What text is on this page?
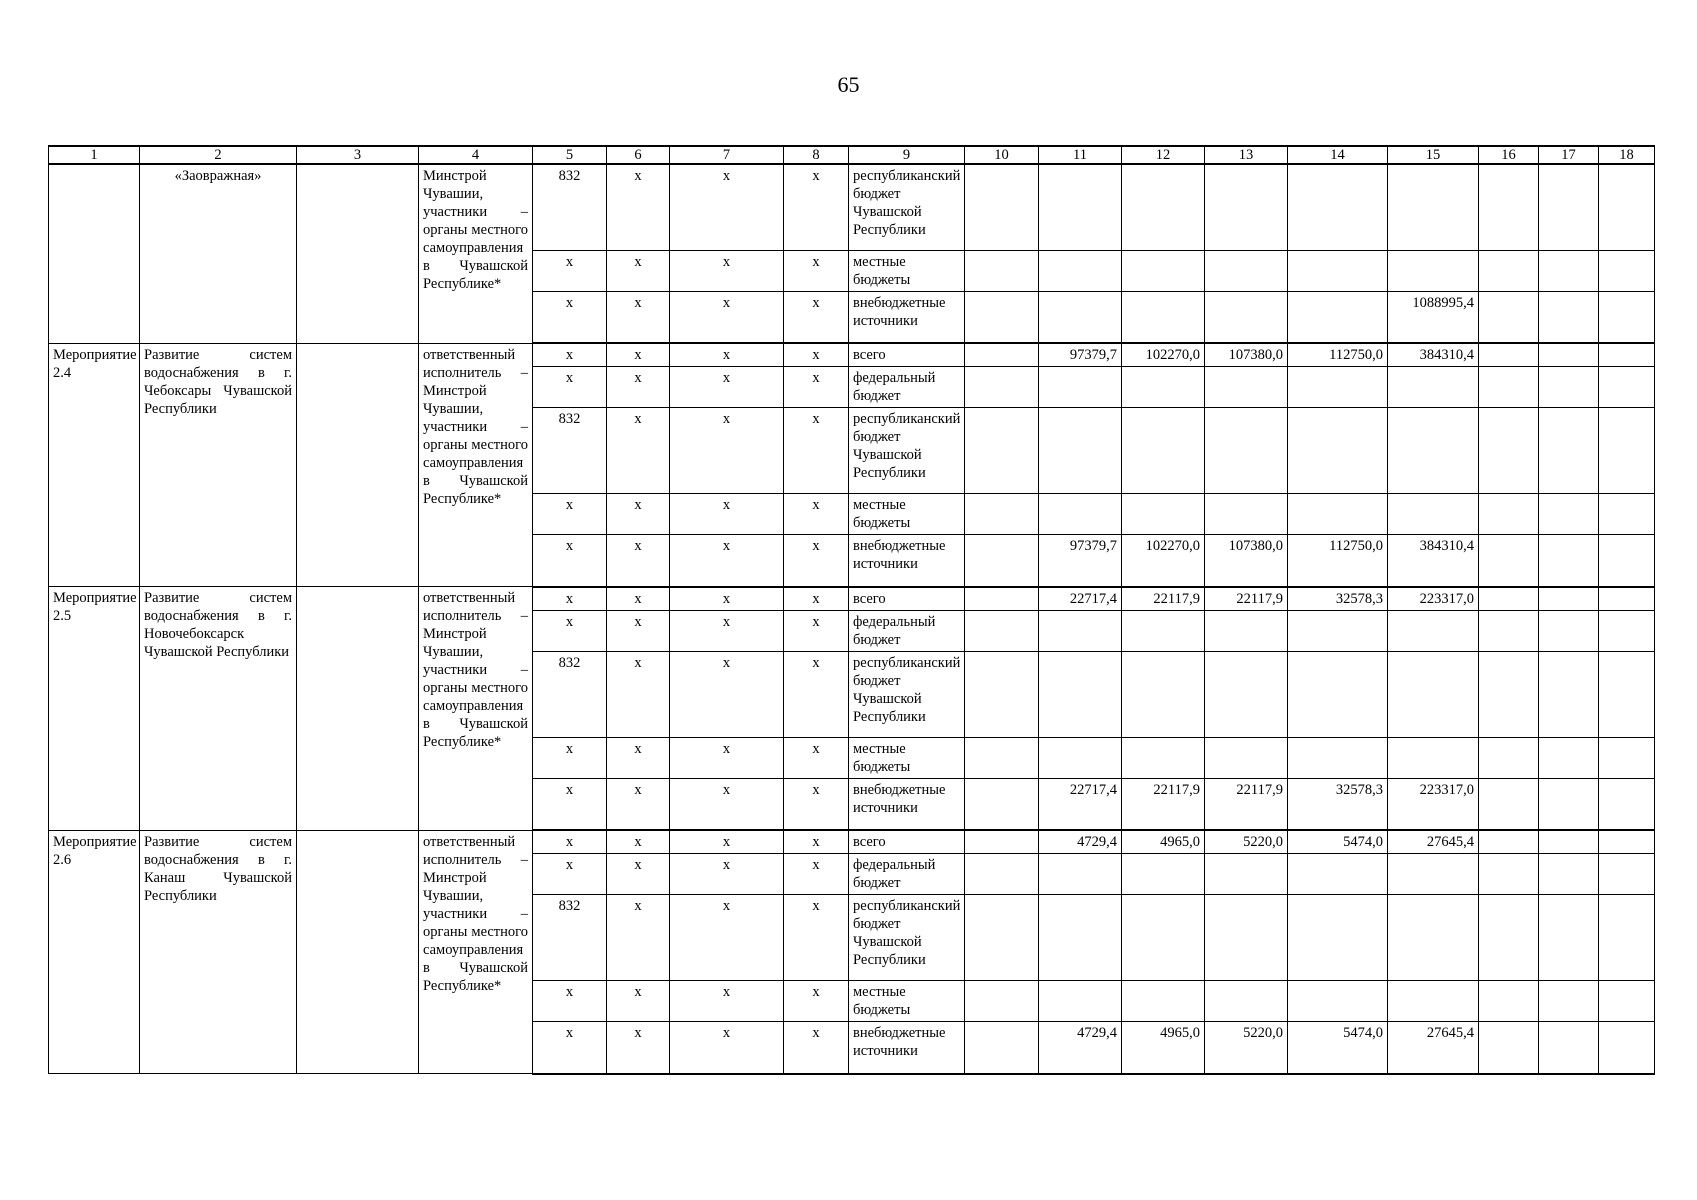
65
1	2	3	4	5	6	7	8	9	10	11	12	13	14	15	16	17	18
	«Заовражная»		Минстрой Чувашии, участники – органы местного самоуправления в Чувашской Республике*	832	х	х	х	республиканский бюджет Чувашской Республики									
				х	х	х	х	местные бюджеты									
				х	х	х	х	внебюджетные источники						1088995,4			
Мероприятие 2.4	Развитие систем водоснабжения в г. Чебоксары Чувашской Республики		ответственный исполнитель – Минстрой Чувашии, участники – органы местного самоуправления в Чувашской Республике*	х	х	х	х	всего		97379,7	102270,0	107380,0	112750,0	384310,4			
				х	х	х	х	федеральный бюджет									
				832	х	х	х	республиканский бюджет Чувашской Республики									
				х	х	х	х	местные бюджеты									
				х	х	х	х	внебюджетные источники		97379,7	102270,0	107380,0	112750,0	384310,4			
Мероприятие 2.5	Развитие систем водоснабжения в г. Новочебоксарск Чувашской Республики		ответственный исполнитель – Минстрой Чувашии, участники – органы местного самоуправления в Чувашской Республике*	х	х	х	х	всего		22717,4	22117,9	22117,9	32578,3	223317,0			
				х	х	х	х	федеральный бюджет									
				832	х	х	х	республиканский бюджет Чувашской Республики									
				х	х	х	х	местные бюджеты									
				х	х	х	х	внебюджетные источники		22717,4	22117,9	22117,9	32578,3	223317,0			
Мероприятие 2.6	Развитие систем водоснабжения в г. Канаш Чувашской Республики		ответственный исполнитель – Минстрой Чувашии, участники – органы местного самоуправления в Чувашской Республике*	х	х	х	х	всего		4729,4	4965,0	5220,0	5474,0	27645,4			
				х	х	х	х	федеральный бюджет									
				832	х	х	х	республиканский бюджет Чувашской Республики									
				х	х	х	х	местные бюджеты									
				х	х	х	х	внебюджетные источники		4729,4	4965,0	5220,0	5474,0	27645,4			
